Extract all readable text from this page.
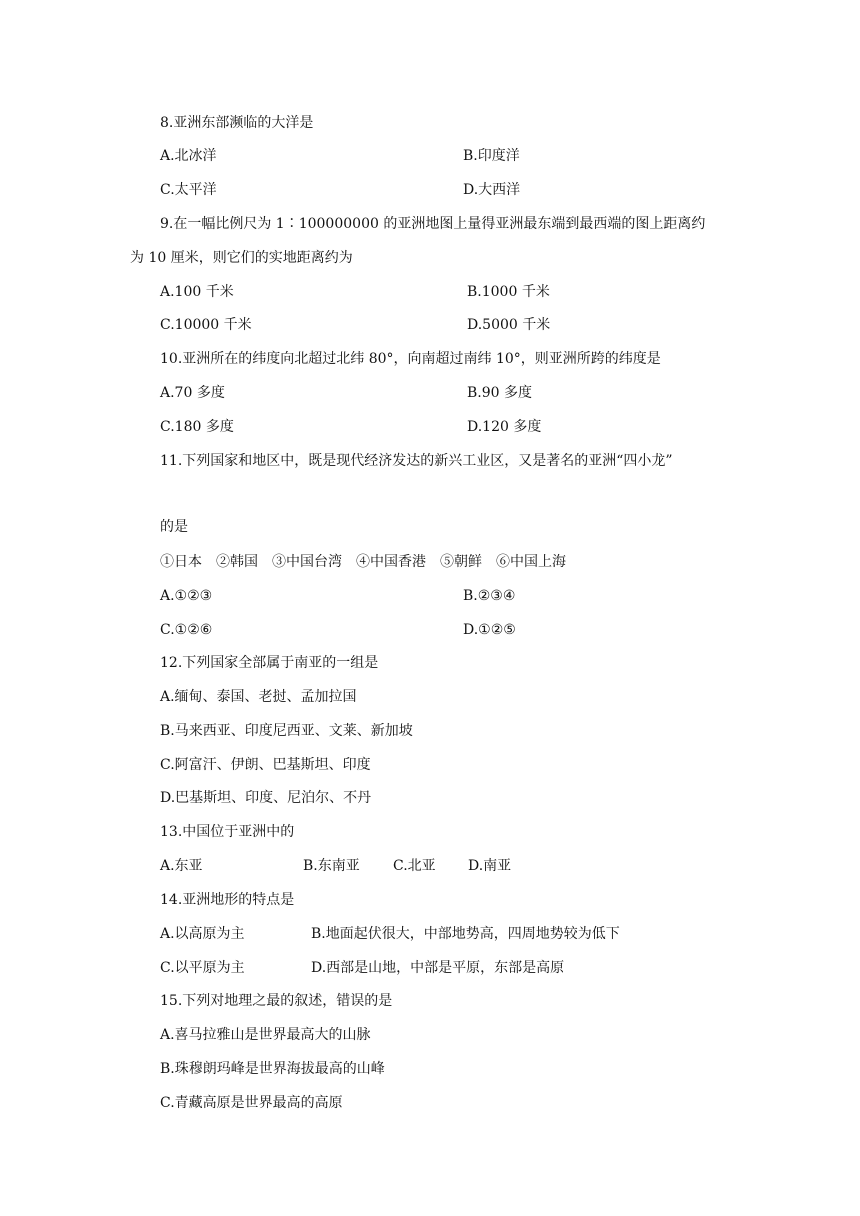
8.亚洲东部濒临的大洋是
A.北冰洋	B.印度洋
C.太平洋	D.大西洋
9.在一幅比例尺为 1∶100000000 的亚洲地图上量得亚洲最东端到最西端的图上距离约
为 10 厘米，则它们的实地距离约为
A.100 千米	B.1000 千米
C.10000 千米	D.5000 千米
10.亚洲所在的纬度向北超过北纬 80°，向南超过南纬 10°，则亚洲所跨的纬度是
A.70 多度	B.90 多度
C.180 多度	D.120 多度
11.下列国家和地区中，既是现代经济发达的新兴工业区，又是著名的亚洲“四小龙”
的是
①日本　②韩国　③中国台湾　④中国香港　⑤朝鲜　⑥中国上海
A.①②③	B.②③④
C.①②⑥	D.①②⑤
12.下列国家全部属于南亚的一组是
A.缅甸、泰国、老挝、孟加拉国
B.马来西亚、印度尼西亚、文莱、新加坡
C.阿富汗、伊朗、巴基斯坦、印度
D.巴基斯坦、印度、尼泊尔、不丹
13.中国位于亚洲中的
A.东亚	B.东南亚 C.北亚 D.南亚
14.亚洲地形的特点是
A.以高原为主	B.地面起伏很大，中部地势高，四周地势较为低下
C.以平原为主	D.西部是山地，中部是平原，东部是高原
15.下列对地理之最的叙述，错误的是
A.喜马拉雅山是世界最高大的山脉
B.珠穆朗玛峰是世界海拔最高的山峰
C.青藏高原是世界最高的高原
